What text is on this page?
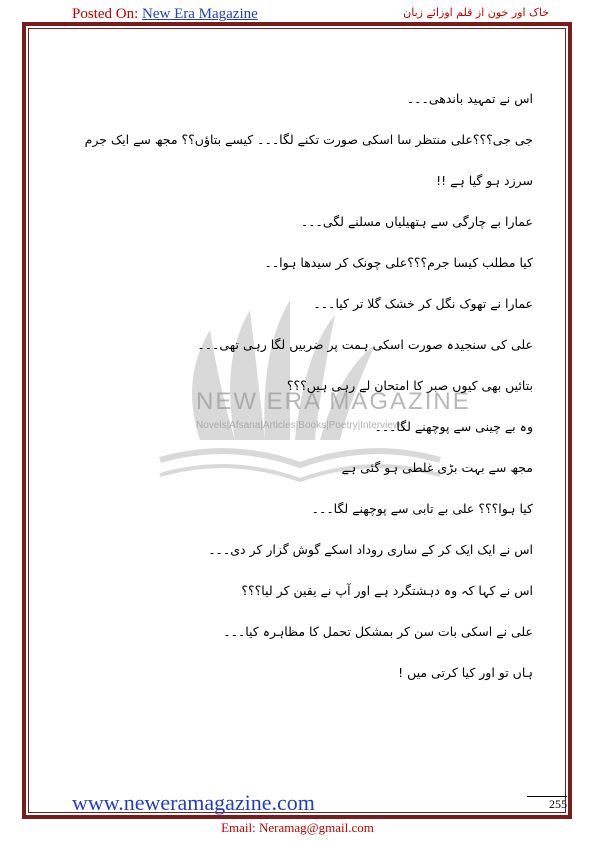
Posted On: New Era Magazine	خاک اور خون از قلم اوزائے زبان
NEW ERA MAGAZINE
Novels|Afsana|Articles|Books|Poetry|Interviews

اس نے تمہید باندھی۔۔۔

جی جی؟؟؟علی منتظر سا اسکی صورت تکنے لگا۔۔۔ کیسے بتاؤں؟؟ مجھ سے ایک جرم

سرزد ہو گیا ہے !!

عمارا بے چارگی سے ہتھیلیاں مسلنے لگی۔۔۔

کیا مطلب کیسا جرم؟؟؟علی چونک کر سیدھا ہوا۔۔

عمارا نے تھوک نگل کر خشک گلا تر کیا۔۔۔

علی کی سنجیدہ صورت اسکی ہمت پر ضربیں لگا رہی تھی۔۔۔

بتائیں بھی کیوں صبر کا امتحان لے رہی ہیں؟؟؟

وہ بے چینی سے پوچھنے لگا۔۔۔

مجھ سے بہت بڑی غلطی ہو گئی ہے

کیا ہوا؟؟؟ علی بے تابی سے پوچھنے لگا۔۔۔

اس نے ایک ایک کر کے ساری روداد اسکے گوش گزار کر دی۔۔۔

اس نے کہا کہ وہ دہشتگرد ہے اور آپ نے یقین کر لیا؟؟؟

علی نے اسکی بات سن کر بمشکل تحمل کا مظاہرہ کیا۔۔۔

ہاں تو اور کیا کرتی میں !

www.neweramagazine.com	255
Email: Neramag@gmail.com
